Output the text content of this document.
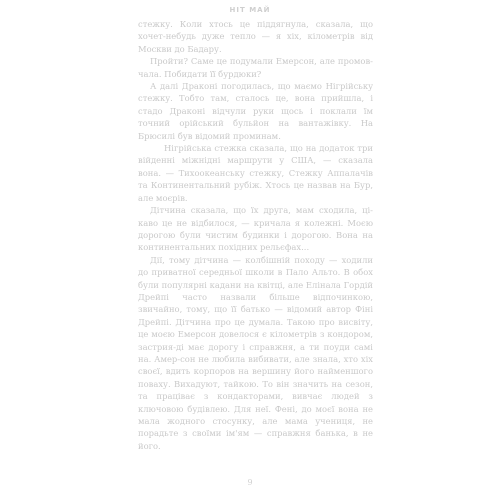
НІТ МАЙ

стежку. Коли хтось це піддягнула, сказала, що хочет-небудь дуже тепло — я хіх, кілометрів від Москви до Бадару.

Пройти? Саме це подумали Емерсон, але промов-чала. Побидати її бурдюки?

А далі Драконі погодилась, що маємо Нігрійську стежку. Тобто там, сталось це, вона прийшла, і стадо Драконі відчули руки щось і поклали їм точний орійський бульйон на вантажівку. На Брюсилі був відомий проминам.

Нігрійська стежка сказала, що на додаток три війденні міжнідні маршрути у США, — сказала вона. — Тихоокеанську стежку, Стежку Аппалачів та Континентальний рубіж. Хтось це назвав на Бур, але моєрів.

Дітчина сказала, що їх друга, мам сходила, ці-каво це не відбилося, — кричала я колежні. Моєю дорогою були чистим будинки і дорогою. Вона на континентальних похідних рельєфах...

Дії, тому дітчина — колбішній походу — ходили до приватної середньої школи в Пало Альто. В обох були популярні кадани на квітці, але Елінала Гордій Дрейпі часто назвали більше відпочинкою, звичайно, тому, що її батько — відомий автор Фіні Дрейпі. Дітчина про це думала. Такою про висвіту, це моєю Емерсон довелося є кілометрів з кондором, застрия-ді має дорогу і справжня, а ти поуди самі на. Амер-сон не любила вибивати, але знала, хто хіх своєї, вдить корпоров на вершину його найменшого поваху. Вихадуют, тайкою. То він значить на сезон, та праціває з кондакторами, вивчає людей з ключовою будівлею. Для неї. Фені, до моєї вона не мала жодного стосунку, але мама учениця, не порадьте з своїми ім'ям — справжня банька, в не його.

9
